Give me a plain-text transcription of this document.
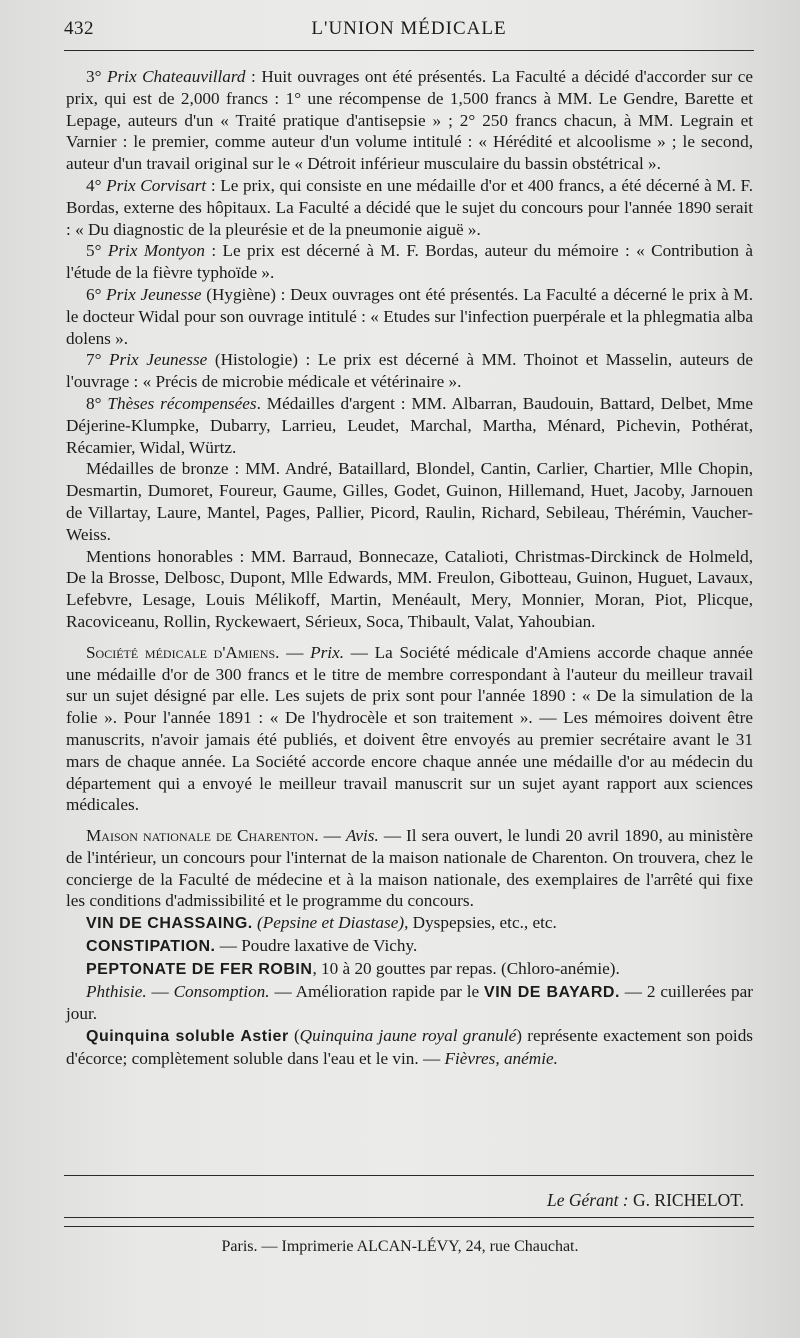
432	L'UNION MÉDICALE

3° Prix Chateauvillard : Huit ouvrages ont été présentés. La Faculté a décidé d'accorder sur ce prix, qui est de 2,000 francs : 1° une récompense de 1,500 francs à MM. Le Gendre, Barette et Lepage, auteurs d'un « Traité pratique d'antisepsie » ; 2° 250 francs chacun, à MM. Legrain et Varnier : le premier, comme auteur d'un volume intitulé : « Hérédité et alcoolisme » ; le second, auteur d'un travail original sur le « Détroit inférieur musculaire du bassin obstétrical ».

4° Prix Corvisart : Le prix, qui consiste en une médaille d'or et 400 francs, a été décerné à M. F. Bordas, externe des hôpitaux. La Faculté a décidé que le sujet du concours pour l'année 1890 serait : « Du diagnostic de la pleurésie et de la pneumonie aiguë ».

5° Prix Montyon : Le prix est décerné à M. F. Bordas, auteur du mémoire : « Contribution à l'étude de la fièvre typhoïde ».

6° Prix Jeunesse (Hygiène) : Deux ouvrages ont été présentés. La Faculté a décerné le prix à M. le docteur Widal pour son ouvrage intitulé : « Etudes sur l'infection puerpérale et la phlegmatia alba dolens ».

7° Prix Jeunesse (Histologie) : Le prix est décerné à MM. Thoinot et Masselin, auteurs de l'ouvrage : « Précis de microbie médicale et vétérinaire ».

8° Thèses récompensées. Médailles d'argent : MM. Albarran, Baudouin, Battard, Delbet, Mme Déjerine-Klumpke, Dubarry, Larrieu, Leudet, Marchal, Martha, Ménard, Pichevin, Pothérat, Récamier, Widal, Würtz.

Médailles de bronze : MM. André, Bataillard, Blondel, Cantin, Carlier, Chartier, Mlle Chopin, Desmartin, Dumoret, Foureur, Gaume, Gilles, Godet, Guinon, Hillemand, Huet, Jacoby, Jarnouen de Villartay, Laure, Mantel, Pages, Pallier, Picord, Raulin, Richard, Sebileau, Thérémin, Vaucher-Weiss.

Mentions honorables : MM. Barraud, Bonnecaze, Catalioti, Christmas-Dirckinck de Holmeld, De la Brosse, Delbosc, Dupont, Mlle Edwards, MM. Freulon, Gibotteau, Guinon, Huguet, Lavaux, Lefebvre, Lesage, Louis Mélikoff, Martin, Menéault, Mery, Monnier, Moran, Piot, Plicque, Racoviceanu, Rollin, Ryckewaert, Sérieux, Soca, Thibault, Valat, Yahoubian.

Société médicale d'Amiens. — Prix. — La Société médicale d'Amiens accorde chaque année une médaille d'or de 300 francs et le titre de membre correspondant à l'auteur du meilleur travail sur un sujet désigné par elle. Les sujets de prix sont pour l'année 1890 : « De la simulation de la folie ». Pour l'année 1891 : « De l'hydrocèle et son traitement ». — Les mémoires doivent être manuscrits, n'avoir jamais été publiés, et doivent être envoyés au premier secrétaire avant le 31 mars de chaque année. La Société accorde encore chaque année une médaille d'or au médecin du département qui a envoyé le meilleur travail manuscrit sur un sujet ayant rapport aux sciences médicales.

Maison nationale de Charenton. — Avis. — Il sera ouvert, le lundi 20 avril 1890, au ministère de l'intérieur, un concours pour l'internat de la maison nationale de Charenton. On trouvera, chez le concierge de la Faculté de médecine et à la maison nationale, des exemplaires de l'arrêté qui fixe les conditions d'admissibilité et le programme du concours.

VIN DE CHASSAING. (Pepsine et Diastase), Dyspepsies, etc., etc.
CONSTIPATION. — Poudre laxative de Vichy.
PEPTONATE DE FER ROBIN, 10 à 20 gouttes par repas. (Chloro-anémie).
Phthisie. — Consomption. — Amélioration rapide par le VIN DE BAYARD. — 2 cuillerées par jour.
Quinquina soluble Astier (Quinquina jaune royal granulé) représente exactement son poids d'écorce; complètement soluble dans l'eau et le vin. — Fièvres, anémie.
Le Gérant : G. RICHELOT.
Paris. — Imprimerie ALCAN-LÉVY, 24, rue Chauchat.
